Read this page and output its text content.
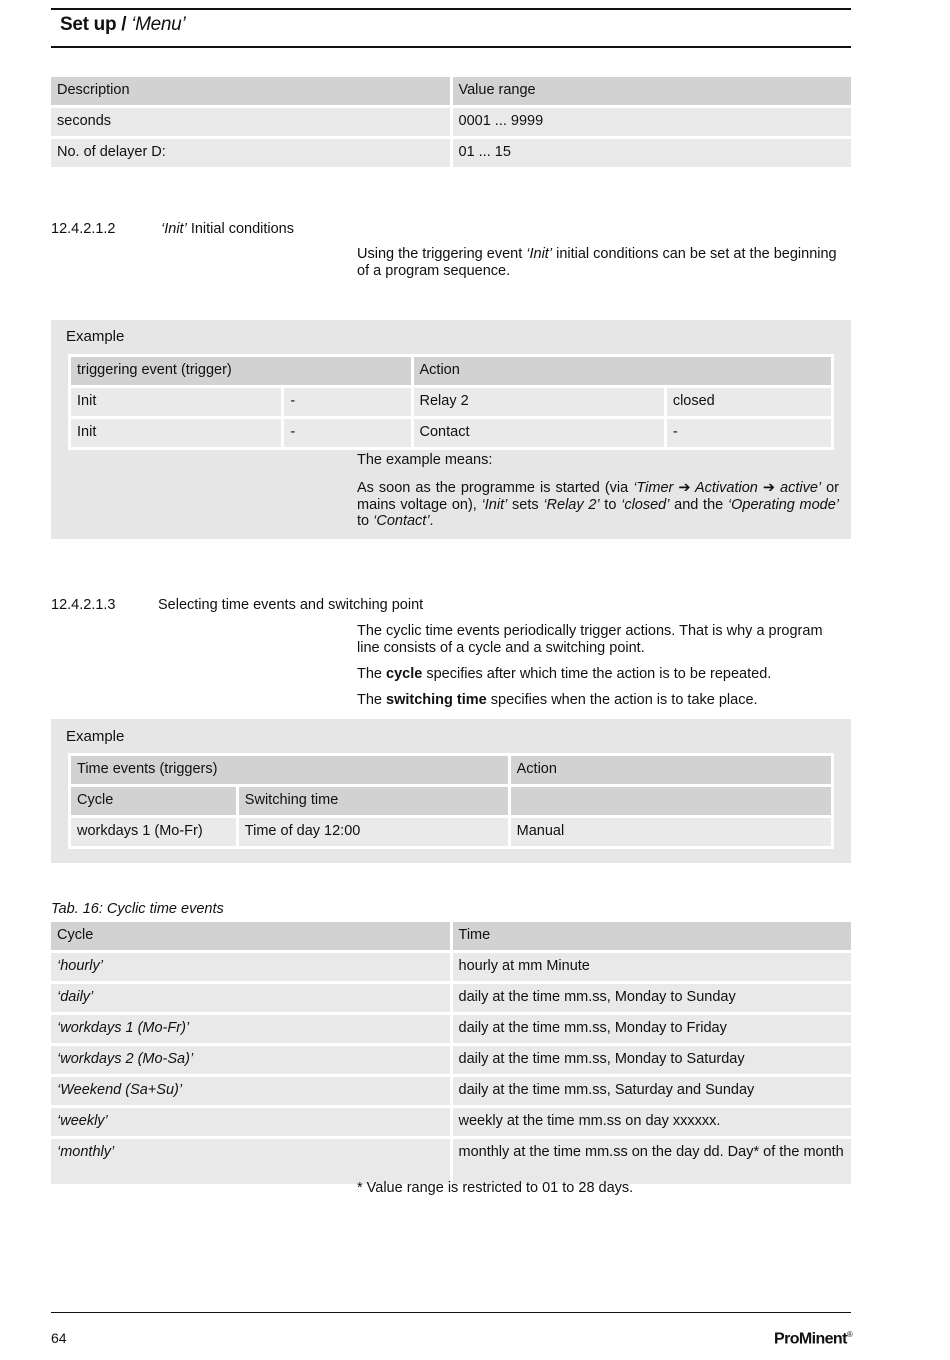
Set up / ‘Menu’
Description	Value range
seconds	0001 ... 9999
No. of delayer D:	01 ... 15
12.4.2.1.2	‘Init’ Initial conditions
Using the triggering event ‘Init’ initial conditions can be set at the beginning of a program sequence.
Example
triggering event (trigger)		Action	
Init	-	Relay 2	closed
Init	-	Contact	-
The example means:
As soon as the programme is started (via ‘Timer ➔ Activation ➔ active’ or mains voltage on), ‘Init’ sets ‘Relay 2’ to ‘closed’ and the ‘Operating mode’ to ‘Contact’.
12.4.2.1.3	Selecting time events and switching point
The cyclic time events periodically trigger actions. That is why a program line consists of a cycle and a switching point.
The cycle specifies after which time the action is to be repeated.
The switching time specifies when the action is to take place.
Example
Time events (triggers)		Action
Cycle	Switching time	
workdays 1 (Mo-Fr)	Time of day 12:00	Manual
Tab. 16: Cyclic time events
Cycle	Time
‘hourly’	hourly at mm Minute
‘daily’	daily at the time mm.ss, Monday to Sunday
‘workdays 1 (Mo-Fr)’	daily at the time mm.ss, Monday to Friday
‘workdays 2 (Mo-Sa)’	daily at the time mm.ss, Monday to Saturday
‘Weekend (Sa+Su)’	daily at the time mm.ss, Saturday and Sunday
‘weekly’	weekly at the time mm.ss on day xxxxxx.
‘monthly’	monthly at the time mm.ss on the day dd. Day* of the month
* Value range is restricted to 01 to 28 days.
64	ProMinent®
